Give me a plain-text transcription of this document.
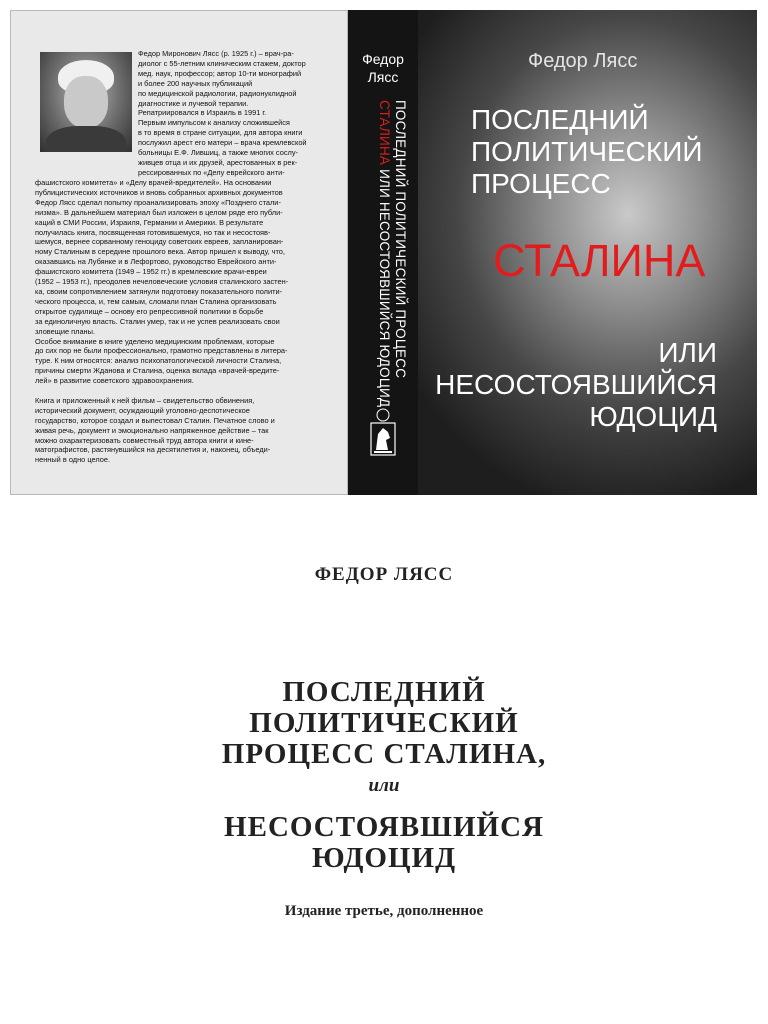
Федор Миронович Лясс (р. 1925 г.) – врач-ра-
диолог с 55-летним клиническим стажем, доктор
мед. наук, профессор; автор 10-ти монографий
и более 200 научных публикаций
по медицинской радиологии, радионуклидной
диагностике и лучевой терапии.
Репатриировался в Израиль в 1991 г.
Первым импульсом к анализу сложившейся
в то время в стране ситуации, для автора книги
послужил арест его матери – врача кремлевской
больницы Е.Ф. Лившиц, а также многих сослу-
живцев отца и их друзей, арестованных в рек-
рессированных по «Делу еврейского анти-

фашистского комитета» и «Делу врачей-вредителей». На основании
публицистических источников и вновь собранных архивных документов
Федор Лясс сделал попытку проанализировать эпоху «Позднего стали-
низма». В дальнейшем материал был изложен в целом ряде его публи-
каций в СМИ России, Израиля, Германии и Америки. В результате
получилась книга, посвященная готовившемуся, но так и несостояв-
шемуся, вернее сорванному геноциду советских евреев, запланирован-
ному Сталиным в середине прошлого века. Автор пришел к выводу, что,
оказавшись на Лубянке и в Лефортово, руководство Еврейского анти-
фашистского комитета (1949 – 1952 гг.) в кремлевские врачи-евреи
(1952 – 1953 гг.), преодолев нечеловеческие условия сталинского застен-
ка, своим сопротивлением затянули подготовку показательного полити-
ческого процесса, и, тем самым, сломали план Сталина организовать
открытое судилище – основу его репрессивной политики в борьбе
за единоличную власть. Сталин умер, так и не успев реализовать свои
зловещие планы.
Особое внимание в книге уделено медицинским проблемам, которые
до сих пор не были профессионально, грамотно представлены в литера-
туре. К ним относятся: анализ психопатологической личности Сталина,
причины смерти Жданова и Сталина, оценка вклада «врачей-вредите-
лей» в развитие советского здравоохранения.

Книга и приложенный к ней фильм – свидетельство обвинения,
исторический документ, осуждающий уголовно-деспотическое
государство, которое создал и выпестовал Сталин. Печатное слово и
живая речь, документ и эмоционально напряженное действие – так
можно охарактеризовать совместный труд автора книги и кине-
матографистов, растянувшийся на десятилетия и, наконец, объеди-
ненный в одно целое.

Федор
Лясс
ПОСЛЕДНИЙ ПОЛИТИЧЕСКИЙ ПРОЦЕСС
СТАЛИНА ИЛИ НЕСОСТОЯВШИЙСЯ ЮДОЦИД
Федор Лясс
ПОСЛЕДНИЙ
ПОЛИТИЧЕСКИЙ
ПРОЦЕСС
СТАЛИНА
ИЛИ
НЕСОСТОЯВШИЙСЯ
ЮДОЦИД
ФЕДОР ЛЯСС
ПОСЛЕДНИЙ
ПОЛИТИЧЕСКИЙ
ПРОЦЕСС СТАЛИНА,
или
НЕСОСТОЯВШИЙСЯ
ЮДОЦИД
Издание третье, дополненное
